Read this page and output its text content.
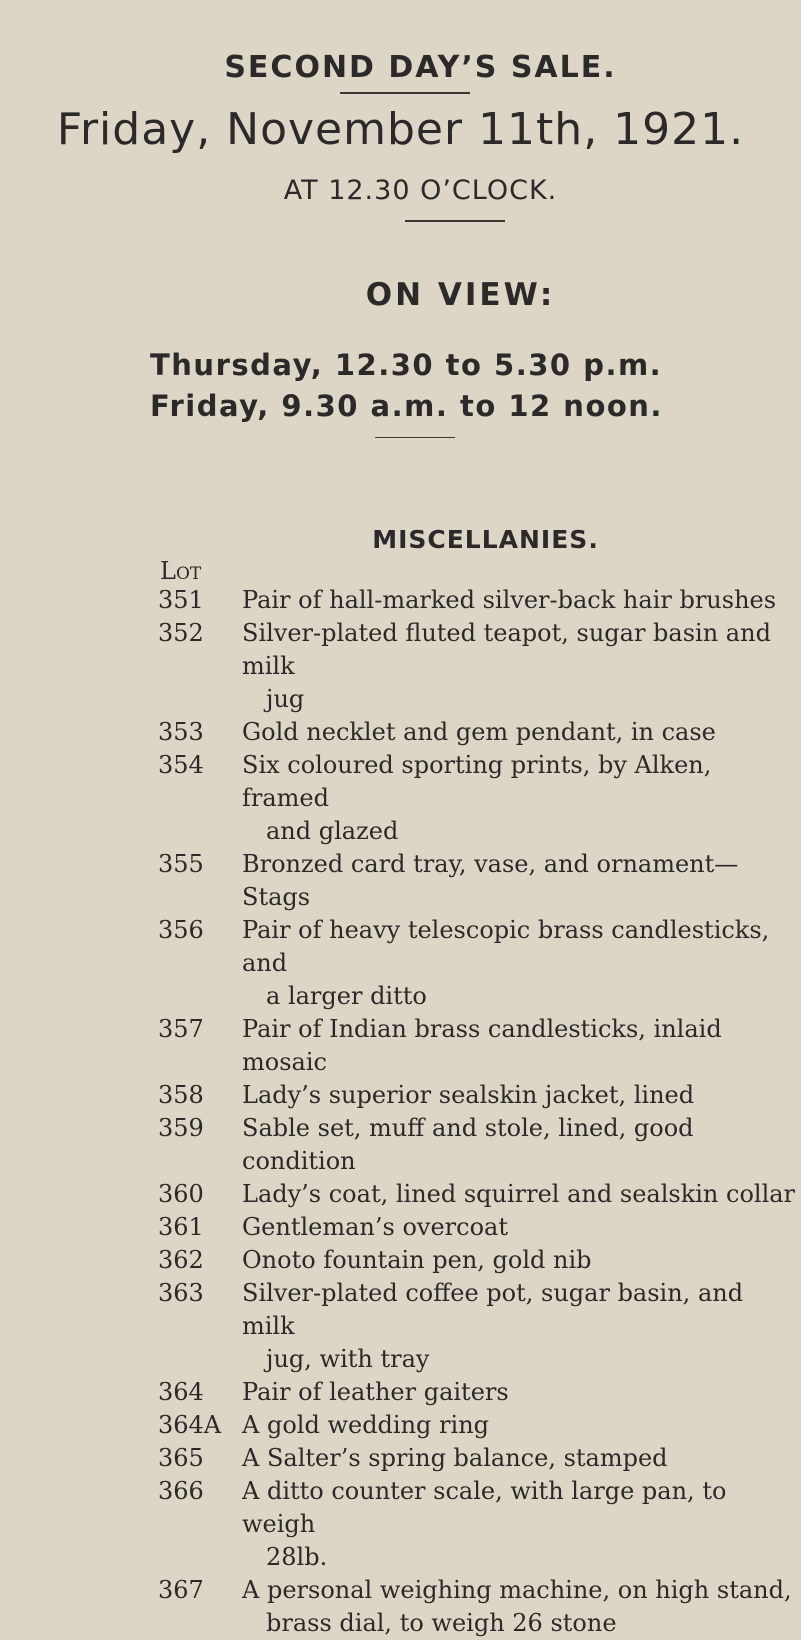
SECOND DAY’S SALE.
Friday, November 11th, 1921.
AT 12.30 O’CLOCK.
ON VIEW:
Thursday, 12.30 to 5.30 p.m.
Friday, 9.30 a.m. to 12 noon.
MISCELLANIES.
Lot
351	Pair of hall-marked silver-back hair brushes
352	Silver-plated fluted teapot, sugar basin and milk
jug
353	Gold necklet and gem pendant, in case
354	Six coloured sporting prints, by Alken, framed
and glazed
355	Bronzed card tray, vase, and ornament—Stags
356	Pair of heavy telescopic brass candlesticks, and
a larger ditto
357	Pair of Indian brass candlesticks, inlaid mosaic
358	Lady’s superior sealskin jacket, lined
359	Sable set, muff and stole, lined, good condition
360	Lady’s coat, lined squirrel and sealskin collar
361	Gentleman’s overcoat
362	Onoto fountain pen, gold nib
363	Silver-plated coffee pot, sugar basin, and milk
jug, with tray
364	Pair of leather gaiters
364A A gold wedding ring
365	A Salter’s spring balance, stamped
366	A ditto counter scale, with large pan, to weigh
28lb.
367	A personal weighing machine, on high stand,
brass dial, to weigh 26 stone
